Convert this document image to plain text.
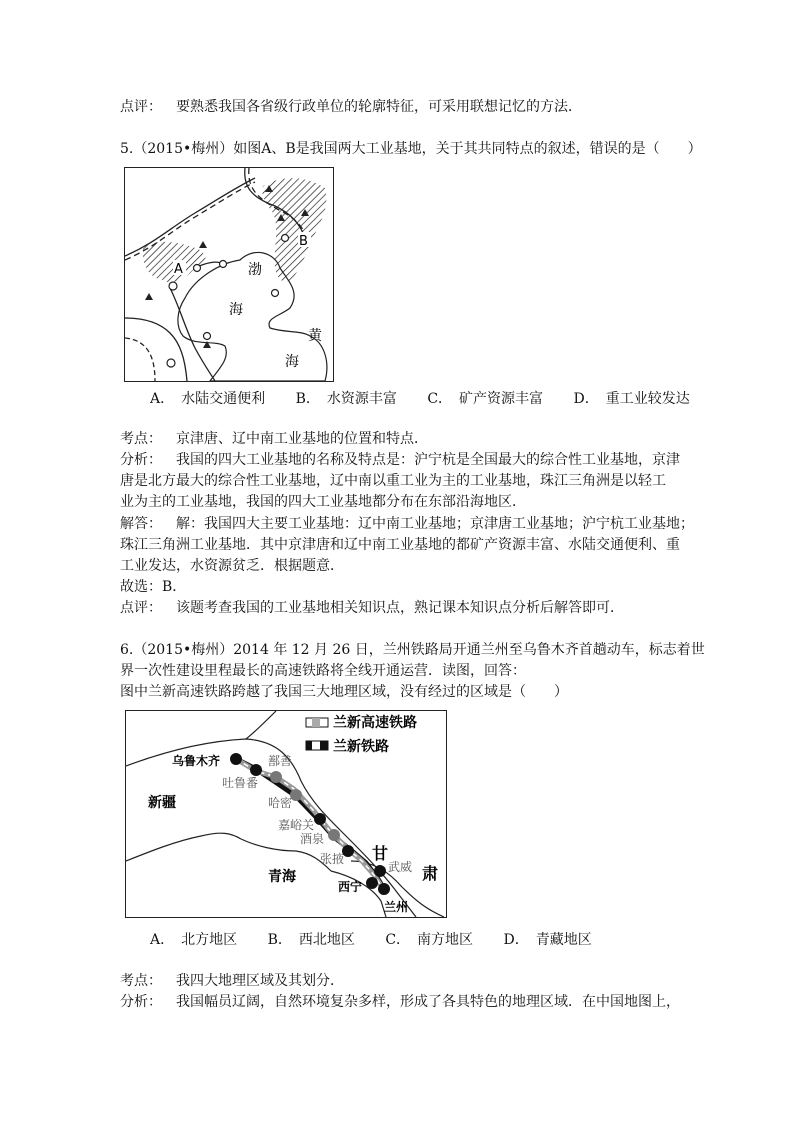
点评： 要熟悉我国各省级行政单位的轮廓特征，可采用联想记忆的方法．
5.（2015•梅州）如图A、B是我国两大工业基地，关于其共同特点的叙述，错误的是（　　）
A
B
渤
海
黄
海
A．　水陆交通便利 B．　水资源丰富 C．　矿产资源丰富 D．　重工业较发达
考点： 京津唐、辽中南工业基地的位置和特点．
分析： 我国的四大工业基地的名称及特点是：沪宁杭是全国最大的综合性工业基地，京津
唐是北方最大的综合性工业基地，辽中南以重工业为主的工业基地，珠江三角洲是以轻工
业为主的工业基地，我国的四大工业基地都分布在东部沿海地区．
解答： 解：我国四大主要工业基地：辽中南工业基地；京津唐工业基地；沪宁杭工业基地；
珠江三角洲工业基地．其中京津唐和辽中南工业基地的都矿产资源丰富、水陆交通便利、重
工业发达，水资源贫乏．根据题意．
故选：B．
点评： 该题考查我国的工业基地相关知识点，熟记课本知识点分析后解答即可．
6.（2015•梅州）2014 年 12 月 26 日，兰州铁路局开通兰州至乌鲁木齐首趟动车，标志着世
界一次性建设里程最长的高速铁路将全线开通运营．读图，回答：
图中兰新高速铁路跨越了我国三大地理区域，没有经过的区域是（　　）
兰新高速铁路
兰新铁路
乌鲁木齐	鄯善
吐鲁番
哈密
新疆
嘉峪关
酒泉
张掖
武威
甘
肃
青海
西宁
兰州
A．　北方地区 B．　西北地区 C．　南方地区 D．　青藏地区
考点： 我四大地理区域及其划分．
分析： 我国幅员辽阔，自然环境复杂多样，形成了各具特色的地理区域．在中国地图上，
